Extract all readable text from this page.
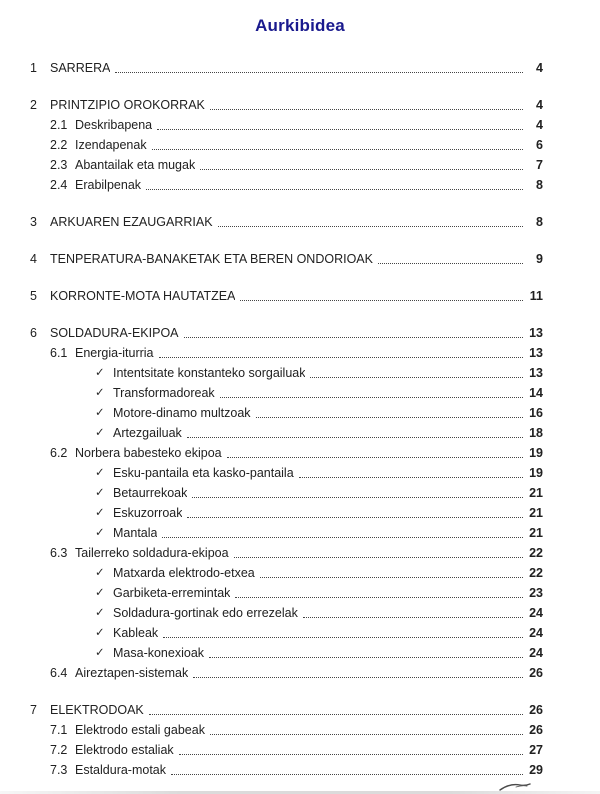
Aurkibidea
1	SARRERA	4
2	PRINTZIPIO OROKORRAK	4
2.1 Deskribapena	4
2.2 Izendapenak	6
2.3 Abantailak eta mugak	7
2.4 Erabilpenak	8
3	ARKUAREN EZAUGARRIAK	8
4	TENPERATURA-BANAKETAK ETA BEREN ONDORIOAK	9
5	KORRONTE-MOTA HAUTATZEA	11
6	SOLDADURA-EKIPOA	13
6.1 Energia-iturria	13
✓ Intentsitate konstanteko sorgailuak	13
✓ Transformadoreak	14
✓ Motore-dinamo multzoak	16
✓ Artezgailuak	18
6.2 Norbera babesteko ekipoa	19
✓ Esku-pantaila eta kasko-pantaila	19
✓ Betaurrekoak	21
✓ Eskuzorroak	21
✓ Mantala	21
6.3 Tailerreko soldadura-ekipoa	22
✓ Matxarda elektrodo-etxea	22
✓ Garbiketa-erremintak	23
✓ Soldadura-gortinak edo errezelak	24
✓ Kableak	24
✓ Masa-konexioak	24
6.4 Aireztapen-sistemak	26
7	ELEKTRODOAK	26
7.1 Elektrodo estali gabeak	26
7.2 Elektrodo estaliak	27
7.3 Estaldura-motak	29
